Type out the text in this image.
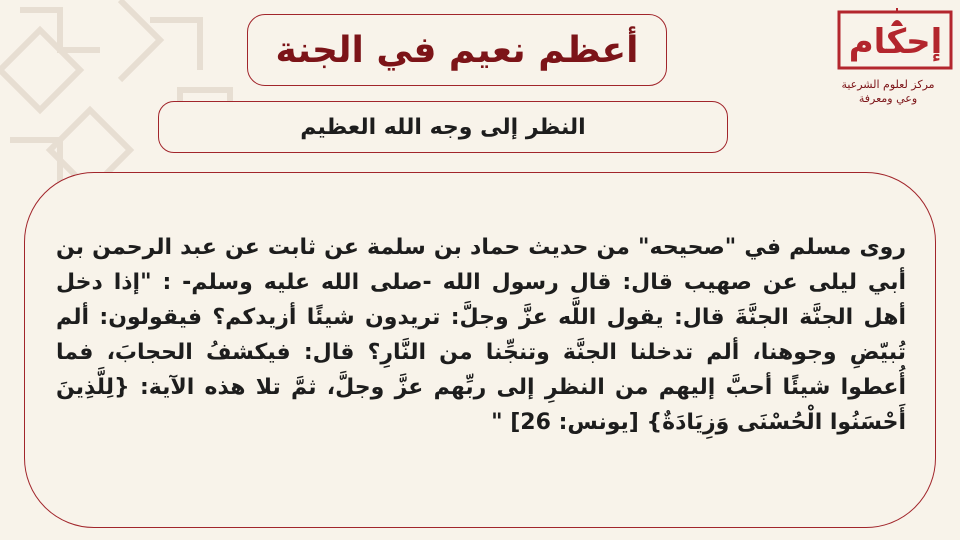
إحكام
مركز لعلوم الشرعية
وعي ومعرفة
أعظم نعيم في الجنة
النظر إلى وجه الله العظيم
روى مسلم في "صحيحه" من حديث حماد بن سلمة عن ثابت عن عبد الرحمن بن أبي ليلى عن صهيب قال: قال رسول الله -صلى الله عليه وسلم- : "إذا دخل أهل الجنَّة الجنَّةَ قال: يقول اللَّه عزَّ وجلَّ: تريدون شيئًا أزيدكم؟ فيقولون: ألم تُبيّضِ وجوهنا، ألم تدخلنا الجنَّة وتنجِّنا من النَّارِ؟ قال: فيكشفُ الحجابَ، فما أُعطوا شيئًا أحبَّ إليهم من النظرِ إلى ربِّهم عزَّ وجلَّ، ثمَّ تلا هذه الآية: {لِلَّذِينَ أَحْسَنُوا الْحُسْنَى وَزِيَادَةٌ} [يونس: 26] "
